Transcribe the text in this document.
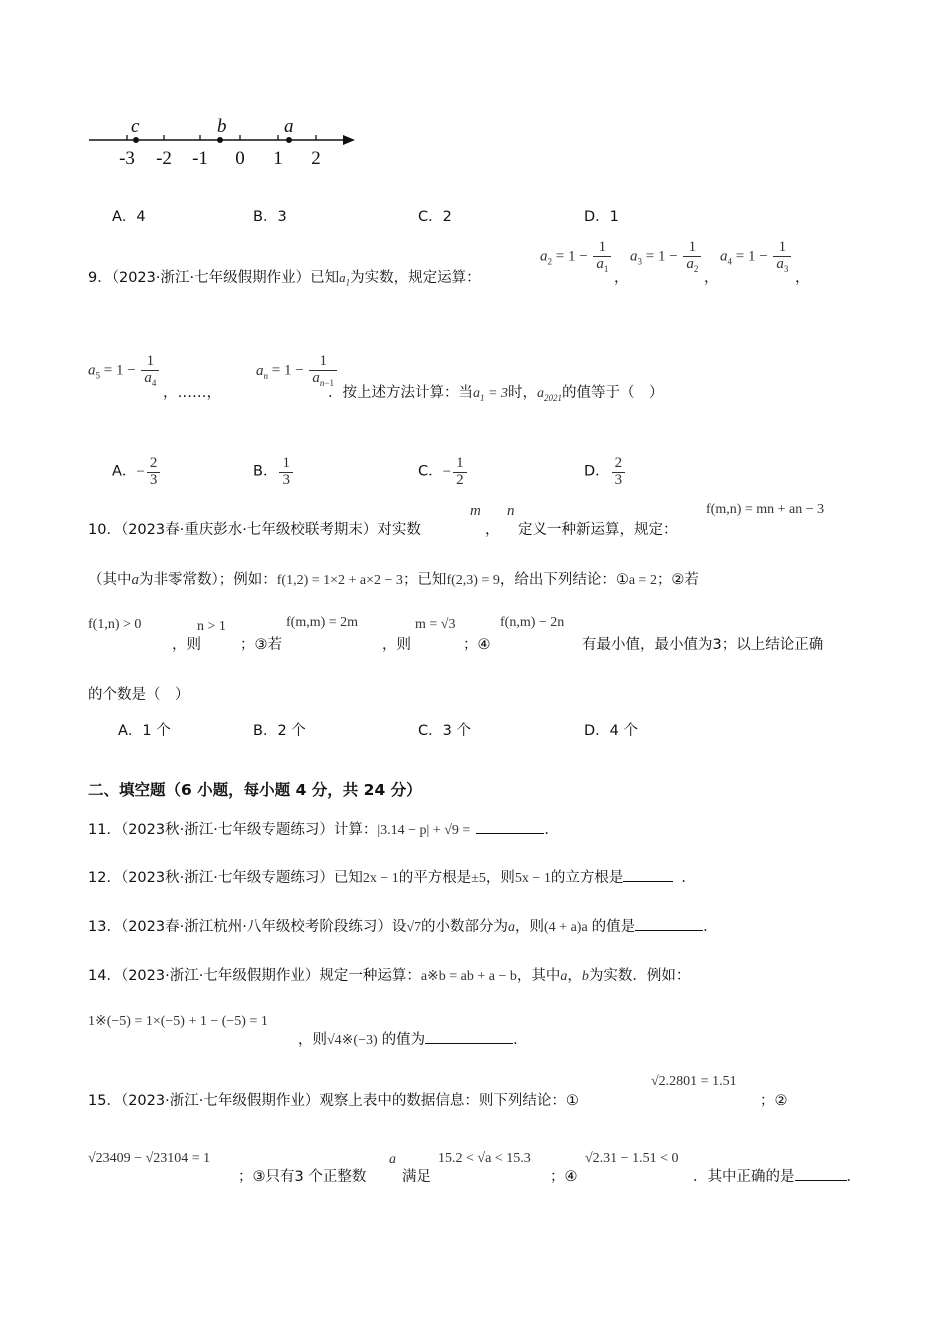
c	b	a
-3 -2 -1 0 1 2
A．4	B．3	C．2	D．1
9．（2023·浙江·七年级假期作业）已知$a_1$为实数，规定运算：
$a_2 = 1 - \frac{1}{a_1}$
，
$a_3 = 1 - \frac{1}{a_2}$
，
$a_4 = 1 - \frac{1}{a_3}$
，
$a_5 = 1 - \frac{1}{a_4}$
，……，
$a_n = 1 - \frac{1}{a_{n-1}}$
．按上述方法计算：当$a_1 = 3$时，$a_{2021}$的值等于（　）
A．− $\frac{2}{3}$	B． $\frac{1}{3}$	C．− $\frac{1}{2}$	D． $\frac{2}{3}$
10．（2023春·重庆彭水·七年级校联考期末）对实数
m
，
n
定义一种新运算，规定：
f(m,n) = mn + an − 3
（其中a为非零常数）；例如：f(1,2) = 1×2 + a×2 − 3；已知f(2,3) = 9，给出下列结论：①a = 2；②若
f(1,n) > 0
，则
n > 1
；③若
f(m,m) = 2m
，则
m = √3
；④
f(n,m) − 2n
有最小值，最小值为3；以上结论正确
的个数是（　）
A．1 个	B．2 个	C．3 个	D．4 个
二、填空题（6 小题，每小题 4 分，共 24 分）
11．（2023秋·浙江·七年级专题练习）计算：|3.14 − p| + √9 =	．
12．（2023秋·浙江·七年级专题练习）已知2x − 1的平方根是±5，则5x − 1的立方根是	．
13．（2023春·浙江杭州·八年级校考阶段练习）设√7的小数部分为a，则(4 + a)a 的值是	．
14．（2023·浙江·七年级假期作业）规定一种运算：a※b = ab + a − b，其中a，b为实数．例如：
1※(−5) = 1×(−5) + 1 − (−5) = 1
，则√4※(−3) 的值为	．
15．（2023·浙江·七年级假期作业）观察上表中的数据信息：则下列结论：①
√2.2801 = 1.51
；②
√23409 − √23104 = 1
；③只有3 个正整数
a
满足
15.2 < √a < 15.3
；④
√2.31 − 1.51 < 0
．其中正确的是	．
